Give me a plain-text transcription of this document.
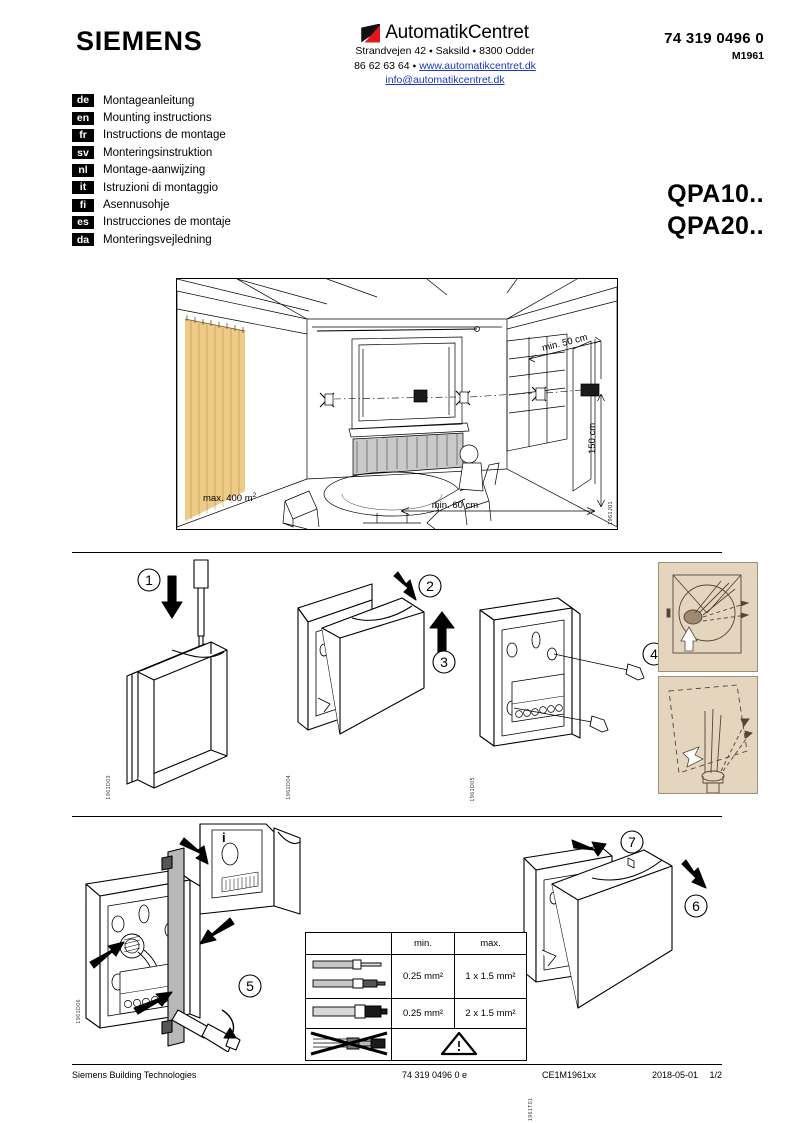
SIEMENS	AutomatikCentret
Strandvejen 42 ⬩ Saksild ⬩ 8300 Odder
86 62 63 64 ⬩ www.automatikcentret.dk
info@automatikcentret.dk
74 319 0496 0
M1961
de	Montageanleitung
en	Mounting instructions
fr	Instructions de montage
sv	Monteringsinstruktion
nl	Montage-aanwijzing
it	Istruzioni di montaggio
fi	Asennusohje
es	Instrucciones de montaje
da	Monteringsvejledning
QPA10..
QPA20..
min. 50 cm
150 cm
min. 60 cm
max. 400 $m^2$
1961J01
1	2
3	4
1961D03	1961D04	1961D05
i
5
7
6
1961D06
	min.	max.
	0.25 mm²	1 x 1.5 mm²
	0.25 mm²	2 x 1.5 mm²

1961T01
Siemens Building Technologies	74 319 0496 0 e	CE1M1961xx	2018-05-01 1/2
